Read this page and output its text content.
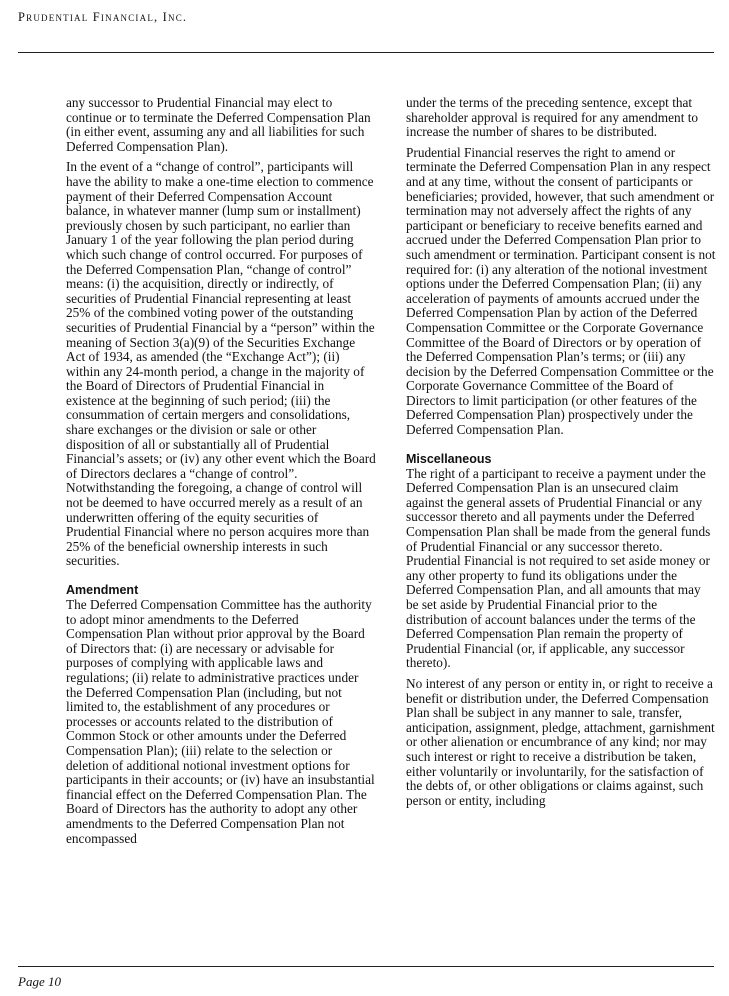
Prudential Financial, Inc.

any successor to Prudential Financial may elect to continue or to terminate the Deferred Compensation Plan (in either event, assuming any and all liabilities for such Deferred Compensation Plan).

In the event of a “change of control”, participants will have the ability to make a one-time election to commence payment of their Deferred Compensation Account balance, in whatever manner (lump sum or installment) previously chosen by such participant, no earlier than January 1 of the year following the plan period during which such change of control occurred. For purposes of the Deferred Compensation Plan, “change of control” means: (i) the acquisition, directly or indirectly, of securities of Prudential Financial representing at least 25% of the combined voting power of the outstanding securities of Prudential Financial by a “person” within the meaning of Section 3(a)(9) of the Securities Exchange Act of 1934, as amended (the “Exchange Act”); (ii) within any 24-month period, a change in the majority of the Board of Directors of Prudential Financial in existence at the beginning of such period; (iii) the consummation of certain mergers and consolidations, share exchanges or the division or sale or other disposition of all or substantially all of Prudential Financial’s assets; or (iv) any other event which the Board of Directors declares a “change of control”. Notwithstanding the foregoing, a change of control will not be deemed to have occurred merely as a result of an underwritten offering of the equity securities of Prudential Financial where no person acquires more than 25% of the beneficial ownership interests in such securities.

Amendment

The Deferred Compensation Committee has the authority to adopt minor amendments to the Deferred Compensation Plan without prior approval by the Board of Directors that: (i) are necessary or advisable for purposes of complying with applicable laws and regulations; (ii) relate to administrative practices under the Deferred Compensation Plan (including, but not limited to, the establishment of any procedures or processes or accounts related to the distribution of Common Stock or other amounts under the Deferred Compensation Plan); (iii) relate to the selection or deletion of additional notional investment options for participants in their accounts; or (iv) have an insubstantial financial effect on the Deferred Compensation Plan. The Board of Directors has the authority to adopt any other amendments to the Deferred Compensation Plan not encompassed

under the terms of the preceding sentence, except that shareholder approval is required for any amendment to increase the number of shares to be distributed.

Prudential Financial reserves the right to amend or terminate the Deferred Compensation Plan in any respect and at any time, without the consent of participants or beneficiaries; provided, however, that such amendment or termination may not adversely affect the rights of any participant or beneficiary to receive benefits earned and accrued under the Deferred Compensation Plan prior to such amendment or termination. Participant consent is not required for: (i) any alteration of the notional investment options under the Deferred Compensation Plan; (ii) any acceleration of payments of amounts accrued under the Deferred Compensation Plan by action of the Deferred Compensation Committee or the Corporate Governance Committee of the Board of Directors or by operation of the Deferred Compensation Plan’s terms; or (iii) any decision by the Deferred Compensation Committee or the Corporate Governance Committee of the Board of Directors to limit participation (or other features of the Deferred Compensation Plan) prospectively under the Deferred Compensation Plan.

Miscellaneous

The right of a participant to receive a payment under the Deferred Compensation Plan is an unsecured claim against the general assets of Prudential Financial or any successor thereto and all payments under the Deferred Compensation Plan shall be made from the general funds of Prudential Financial or any successor thereto. Prudential Financial is not required to set aside money or any other property to fund its obligations under the Deferred Compensation Plan, and all amounts that may be set aside by Prudential Financial prior to the distribution of account balances under the terms of the Deferred Compensation Plan remain the property of Prudential Financial (or, if applicable, any successor thereto).

No interest of any person or entity in, or right to receive a benefit or distribution under, the Deferred Compensation Plan shall be subject in any manner to sale, transfer, anticipation, assignment, pledge, attachment, garnishment or other alienation or encumbrance of any kind; nor may such interest or right to receive a distribution be taken, either voluntarily or involuntarily, for the satisfaction of the debts of, or other obligations or claims against, such person or entity, including

Page 10
